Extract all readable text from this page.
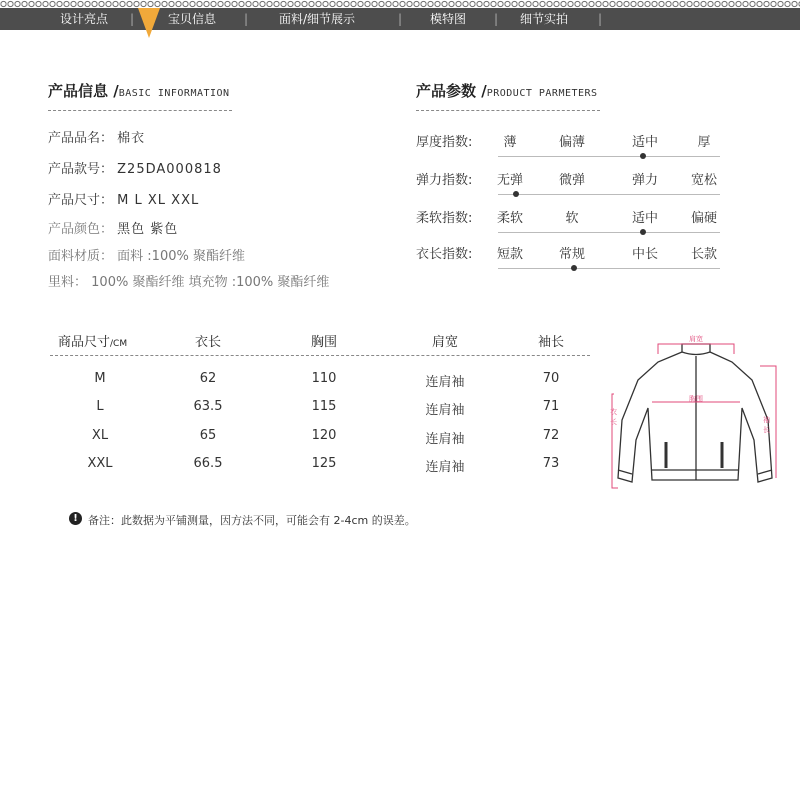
设计亮点	|	宝贝信息	|	面料/细节展示	|	模特图	|	细节实拍	|
产品信息 /BASIC INFORMATION
产品品名： 棉衣
产品款号： Z25DA000818
产品尺寸： M L XL XXL
产品颜色： 黑色 紫色
面料材质： 面料 :100% 聚酯纤维
里料： 100% 聚酯纤维 填充物 :100% 聚酯纤维
产品参数 /PRODUCT PARMETERS
厚度指数:	薄	偏薄	适中	厚
弹力指数:	无弹	微弹	弹力	宽松
柔软指数:	柔软	软	适中	偏硬
衣长指数:	短款	常规	中长	长款
商品尺寸/CM	衣长	胸围	肩宽	袖长
M	62	110	连肩袖	70
L	63.5	115	连肩袖	71
XL	65	120	连肩袖	72
XXL	66.5	125	连肩袖	73
肩宽
胸围
衣长	袖长
! 备注：此数据为平铺测量，因方法不同，可能会有 2-4cm 的误差。
